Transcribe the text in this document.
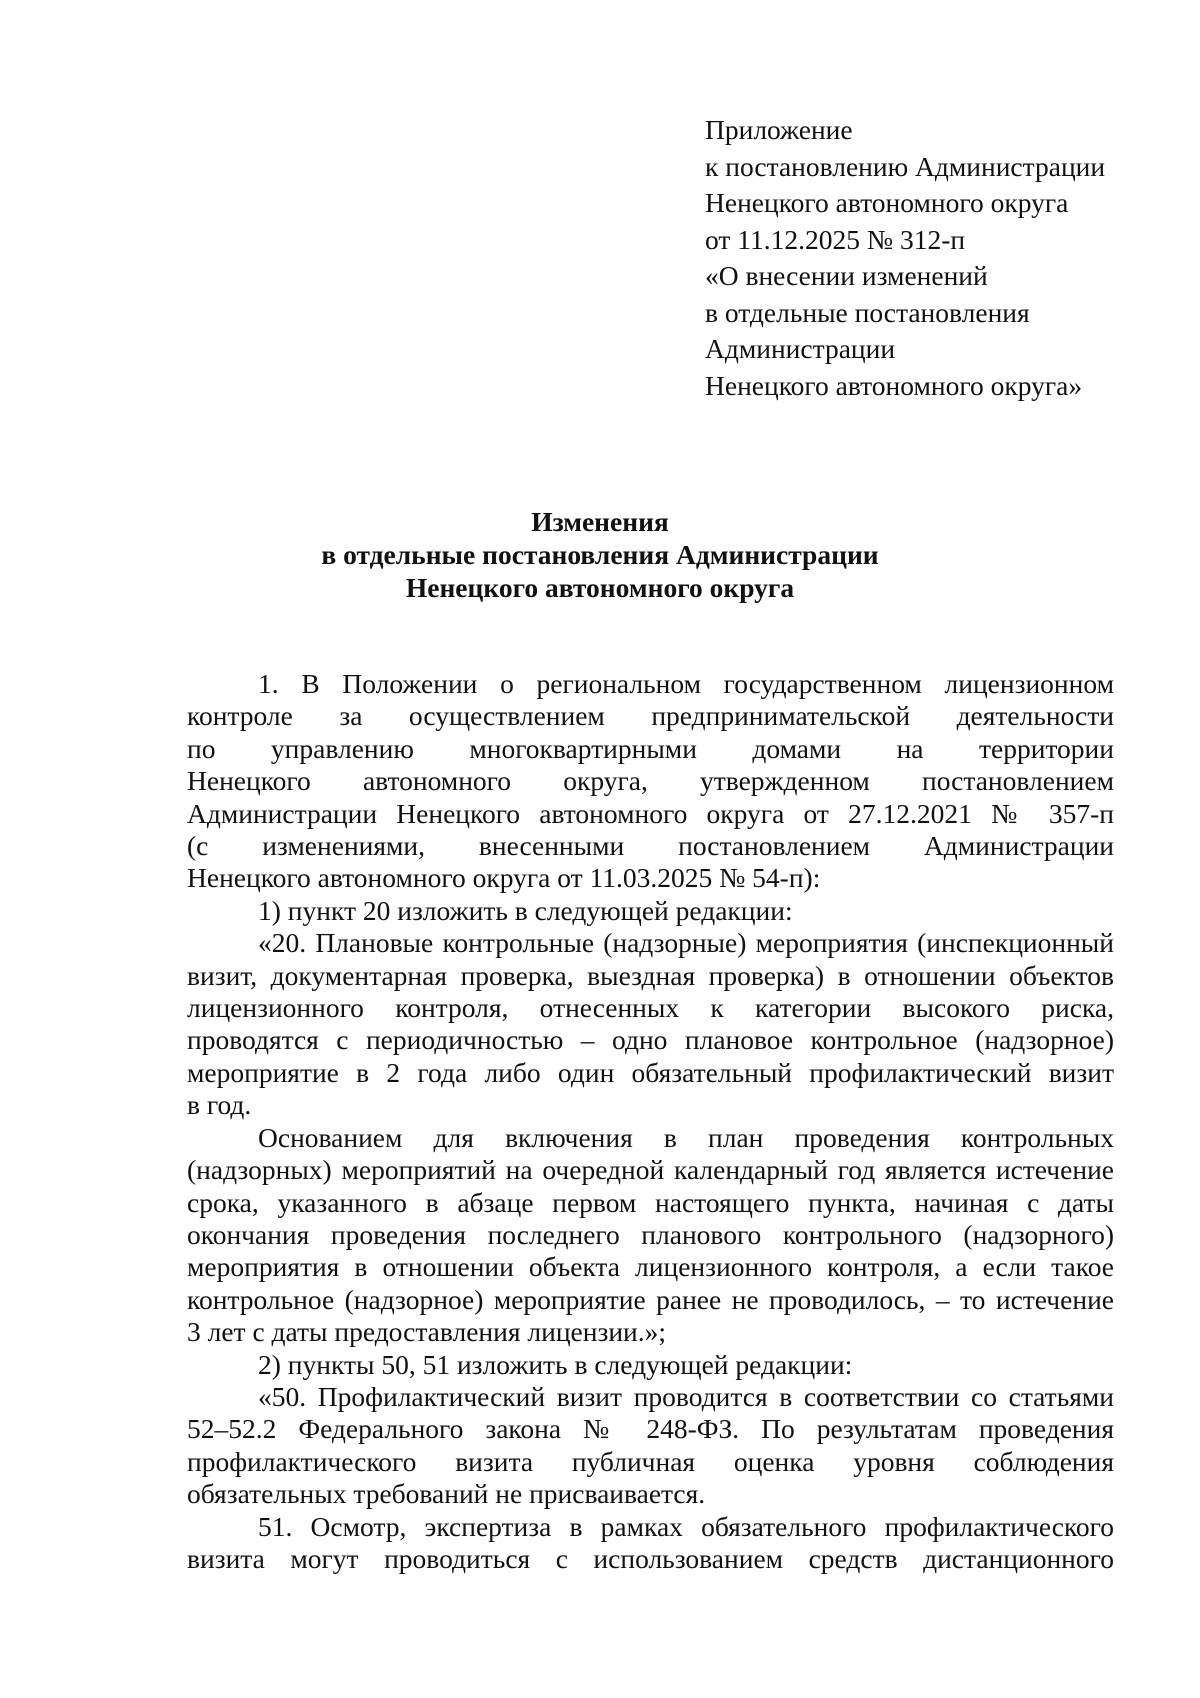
Приложение
к постановлению Администрации
Ненецкого автономного округа
от 11.12.2025 № 312-п
«О внесении изменений
в отдельные постановления
Администрации
Ненецкого автономного округа»
Изменения
в отдельные постановления Администрации
Ненецкого автономного округа
1. В Положении о региональном государственном лицензионном
контроле за осуществлением предпринимательской деятельности
по управлению многоквартирными домами на территории
Ненецкого автономного округа, утвержденном постановлением
Администрации Ненецкого автономного округа от 27.12.2021 № 357-п
(с изменениями, внесенными постановлением Администрации
Ненецкого автономного округа от 11.03.2025 № 54-п):
1) пункт 20 изложить в следующей редакции:
«20. Плановые контрольные (надзорные) мероприятия (инспекционный
визит, документарная проверка, выездная проверка) в отношении объектов
лицензионного контроля, отнесенных к категории высокого риска,
проводятся с периодичностью – одно плановое контрольное (надзорное)
мероприятие в 2 года либо один обязательный профилактический визит
в год.
Основанием для включения в план проведения контрольных
(надзорных) мероприятий на очередной календарный год является истечение
срока, указанного в абзаце первом настоящего пункта, начиная с даты
окончания проведения последнего планового контрольного (надзорного)
мероприятия в отношении объекта лицензионного контроля, а если такое
контрольное (надзорное) мероприятие ранее не проводилось, – то истечение
3 лет с даты предоставления лицензии.»;
2) пункты 50, 51 изложить в следующей редакции:
«50. Профилактический визит проводится в соответствии со статьями
52–52.2 Федерального закона № 248-ФЗ. По результатам проведения
профилактического визита публичная оценка уровня соблюдения
обязательных требований не присваивается.
51. Осмотр, экспертиза в рамках обязательного профилактического
визита могут проводиться с использованием средств дистанционного
